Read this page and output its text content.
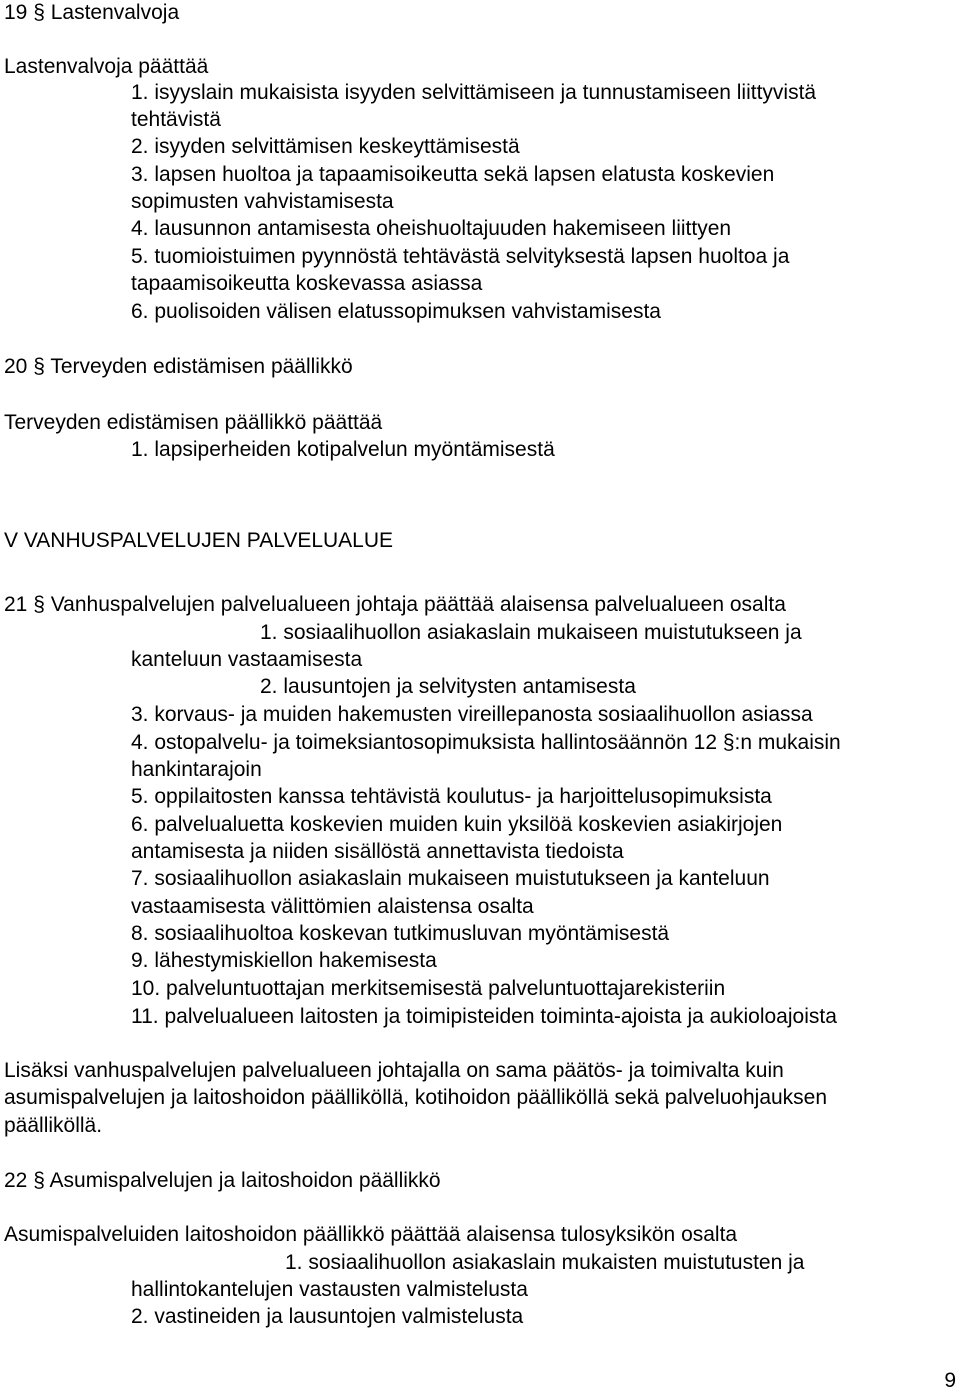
19 § Lastenvalvoja
Lastenvalvoja päättää
1. isyyslain mukaisista isyyden selvittämiseen ja tunnustamiseen liittyvistä
tehtävistä
2. isyyden selvittämisen keskeyttämisestä
3. lapsen huoltoa ja tapaamisoikeutta sekä lapsen elatusta koskevien
sopimusten vahvistamisesta
4. lausunnon antamisesta oheishuoltajuuden hakemiseen liittyen
5. tuomioistuimen pyynnöstä tehtävästä selvityksestä lapsen huoltoa ja
tapaamisoikeutta koskevassa asiassa
6. puolisoiden välisen elatussopimuksen vahvistamisesta
20 § Terveyden edistämisen päällikkö
Terveyden edistämisen päällikkö päättää
1. lapsiperheiden kotipalvelun myöntämisestä
V VANHUSPALVELUJEN PALVELUALUE
21 § Vanhuspalvelujen palvelualueen johtaja päättää alaisensa palvelualueen osalta
1. sosiaalihuollon asiakaslain mukaiseen muistutukseen ja
kanteluun vastaamisesta
2. lausuntojen ja selvitysten antamisesta
3. korvaus- ja muiden hakemusten vireillepanosta sosiaalihuollon asiassa
4. ostopalvelu- ja toimeksiantosopimuksista hallintosäännön 12 §:n mukaisin
hankintarajoin
5. oppilaitosten kanssa tehtävistä koulutus- ja harjoittelusopimuksista
6. palvelualuetta koskevien muiden kuin yksilöä koskevien asiakirjojen
antamisesta ja niiden sisällöstä annettavista tiedoista
7. sosiaalihuollon asiakaslain mukaiseen muistutukseen ja kanteluun
vastaamisesta välittömien alaistensa osalta
8. sosiaalihuoltoa koskevan tutkimusluvan myöntämisestä
9. lähestymiskiellon hakemisesta
10. palveluntuottajan merkitsemisestä palveluntuottajarekisteriin
11. palvelualueen laitosten ja toimipisteiden toiminta-ajoista ja aukioloajoista
Lisäksi vanhuspalvelujen palvelualueen johtajalla on sama päätös- ja toimivalta kuin
asumispalvelujen ja laitoshoidon päälliköllä, kotihoidon päälliköllä sekä palveluohjauksen
päälliköllä.
22 § Asumispalvelujen ja laitoshoidon päällikkö
Asumispalveluiden laitoshoidon päällikkö päättää alaisensa tulosyksikön osalta
1. sosiaalihuollon asiakaslain mukaisten muistutusten ja
hallintokantelujen vastausten valmistelusta
2. vastineiden ja lausuntojen valmistelusta
9
